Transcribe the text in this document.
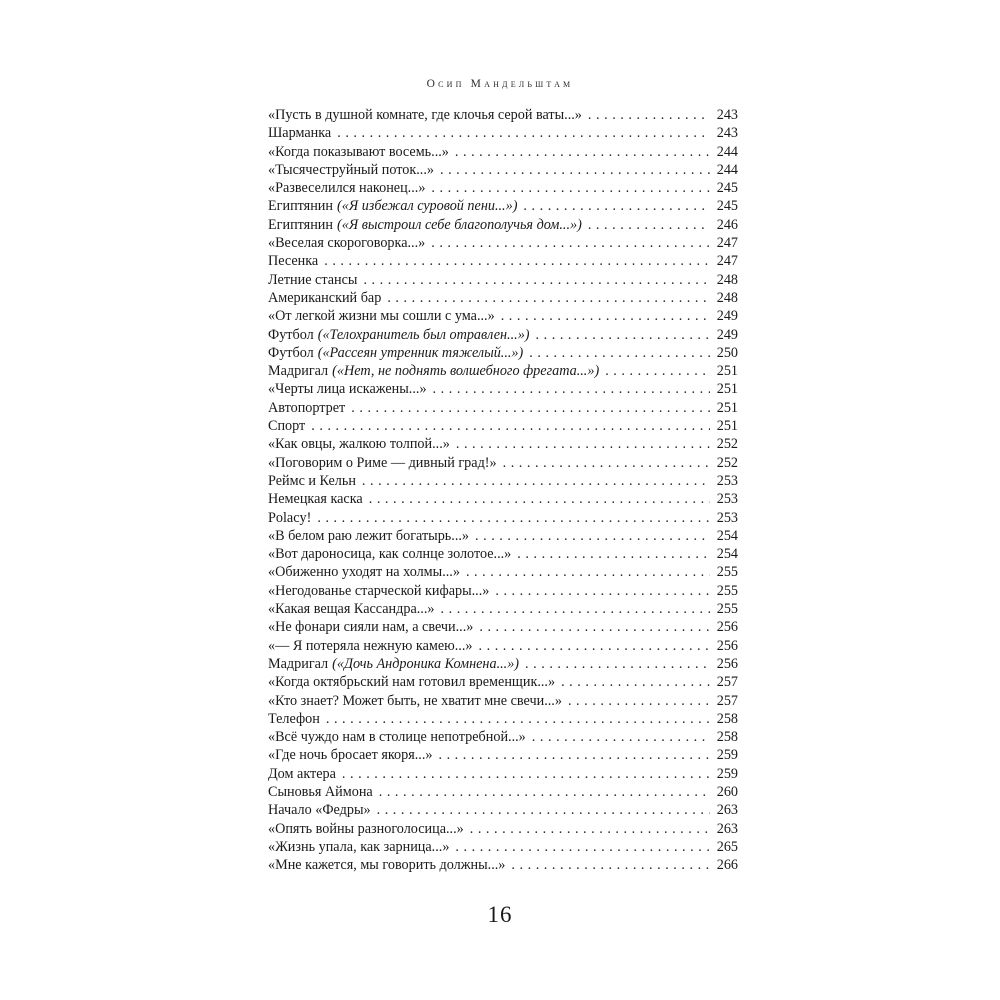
Осип Мандельштам
«Пусть в душной комнате, где клочья серой ваты...» . . .	243
Шарманка . . .	243
«Когда показывают восемь...» . . .	244
«Тысячеструйный поток...» . . .	244
«Развеселился наконец...» . . .	245
Египтянин («Я избежал суровой пени...») . . .	245
Египтянин («Я выстроил себе благополучья дом...») . . .	246
«Веселая скороговорка...» . . .	247
Песенка . . .	247
Летние стансы . . .	248
Американский бар . . .	248
«От легкой жизни мы сошли с ума...» . . .	249
Футбол («Телохранитель был отравлен...») . . .	249
Футбол («Рассеян утренник тяжелый...») . . .	250
Мадригал («Нет, не поднять волшебного фрегата...») . . .	251
«Черты лица искажены...» . . .	251
Автопортрет . . .	251
Спорт . . .	251
«Как овцы, жалкою толпой...» . . .	252
«Поговорим о Риме — дивный град!» . . .	252
Реймс и Кельн . . .	253
Немецкая каска . . .	253
Polacy! . . .	253
«В белом раю лежит богатырь...» . . .	254
«Вот дароносица, как солнце золотое...» . . .	254
«Обиженно уходят на холмы...» . . .	255
«Негодованье старческой кифары...» . . .	255
«Какая вещая Кассандра...» . . .	255
«Не фонари сияли нам, а свечи...» . . .	256
«— Я потеряла нежную камею...» . . .	256
Мадригал («Дочь Андроника Комнена...») . . .	256
«Когда октябрьский нам готовил временщик...» . . .	257
«Кто знает? Может быть, не хватит мне свечи...» . . .	257
Телефон . . .	258
«Всё чуждо нам в столице непотребной...» . . .	258
«Где ночь бросает якоря...» . . .	259
Дом актера . . .	259
Сыновья Аймона . . .	260
Начало «Федры» . . .	263
«Опять войны разноголосица...» . . .	263
«Жизнь упала, как зарница...» . . .	265
«Мне кажется, мы говорить должны...» . . .	266
16
